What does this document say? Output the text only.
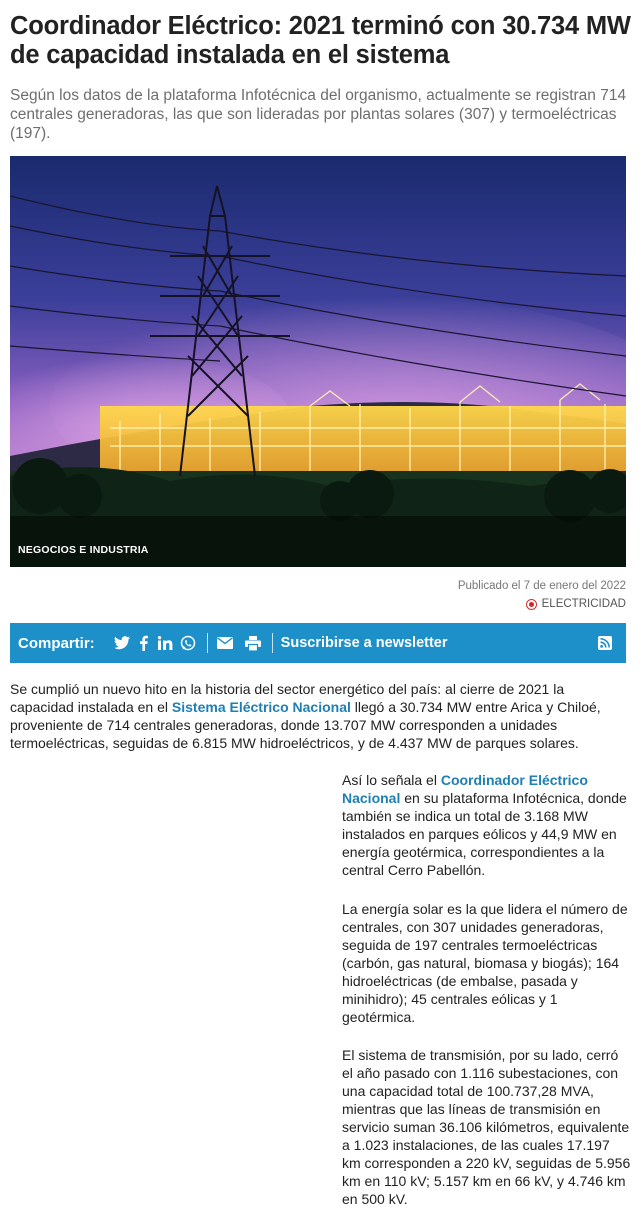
Coordinador Eléctrico: 2021 terminó con 30.734 MW de capacidad instalada en el sistema

Según los datos de la plataforma Infotécnica del organismo, actualmente se registran 714 centrales generadoras, las que son lideradas por plantas solares (307) y termoeléctricas (197).

NEGOCIOS E INDUSTRIA
Publicado el 7 de enero del 2022
ELECTRICIDAD
Compartir:	Suscribirse a newsletter

Se cumplió un nuevo hito en la historia del sector energético del país: al cierre de 2021 la capacidad instalada en el Sistema Eléctrico Nacional llegó a 30.734 MW entre Arica y Chiloé, proveniente de 714 centrales generadoras, donde 13.707 MW corresponden a unidades termoeléctricas, seguidas de 6.815 MW hidroeléctricos, y de 4.437 MW de parques solares.

Así lo señala el Coordinador Eléctrico Nacional en su plataforma Infotécnica, donde también se indica un total de 3.168 MW instalados en parques eólicos y 44,9 MW en energía geotérmica, correspondientes a la central Cerro Pabellón.

La energía solar es la que lidera el número de centrales, con 307 unidades generadoras, seguida de 197 centrales termoeléctricas (carbón, gas natural, biomasa y biogás); 164 hidroeléctricas (de embalse, pasada y minihidro); 45 centrales eólicas y 1 geotérmica.

El sistema de transmisión, por su lado, cerró el año pasado con 1.116 subestaciones, con una capacidad total de 100.737,28 MVA, mientras que las líneas de transmisión en servicio suman 36.106 kilómetros, equivalente a 1.023 instalaciones, de las cuales 17.197 km corresponden a 220 kV, seguidas de 5.956 km en 110 kV; 5.157 km en 66 kV, y 4.746 km en 500 kV.
